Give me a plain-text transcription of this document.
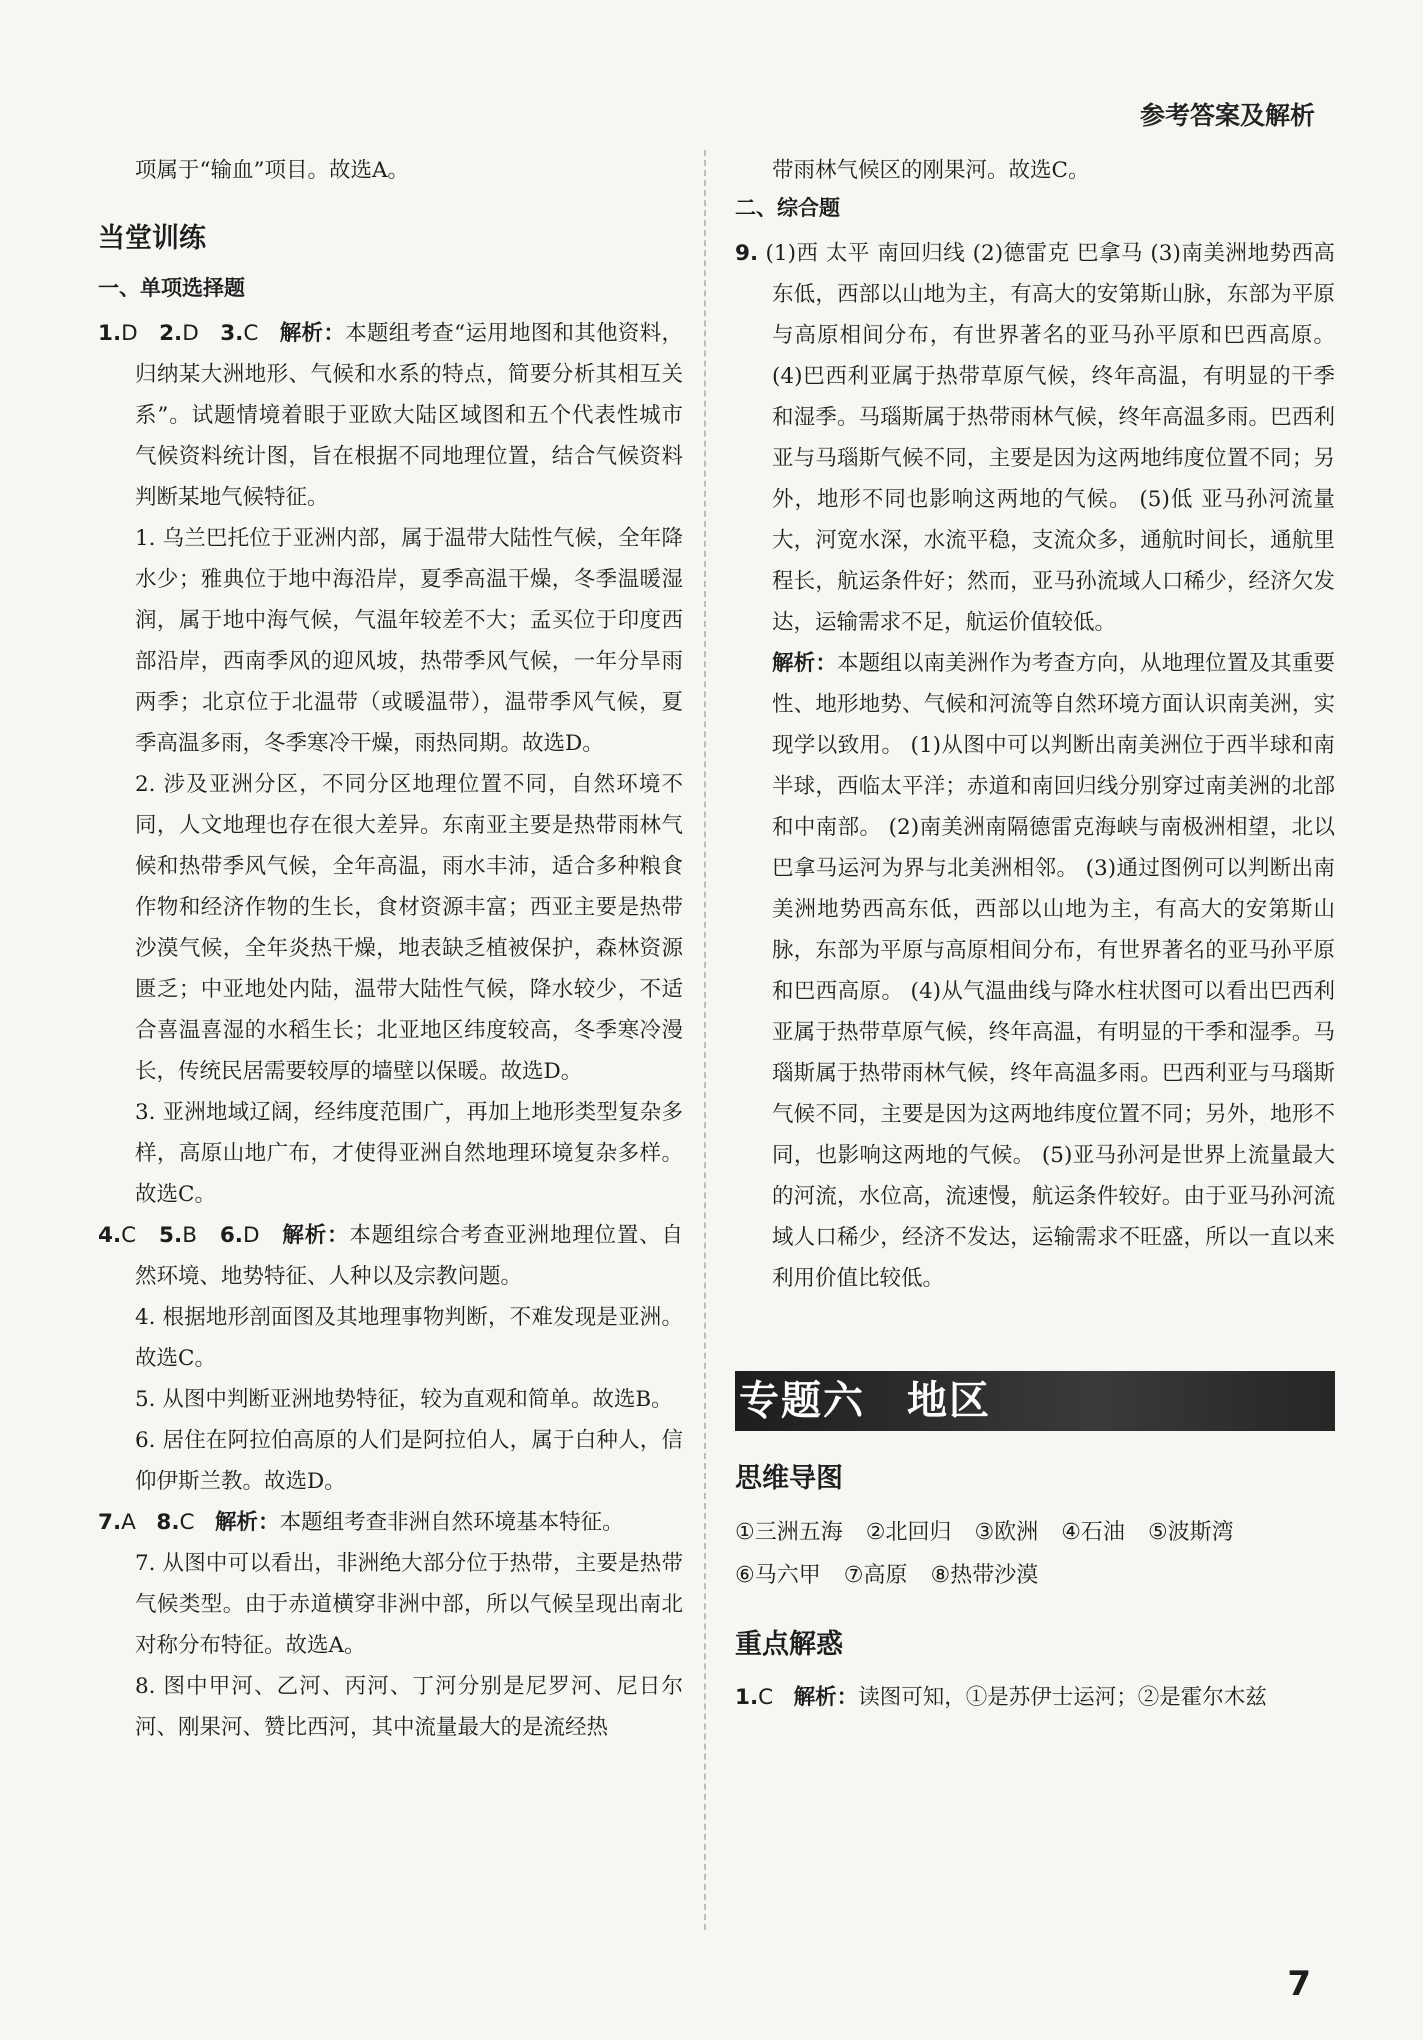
参考答案及解析

项属于“输血”项目。故选A。

当堂训练
一、单项选择题

1.D 2.D 3.C 解析：本题组考查“运用地图和其他资料，归纳某大洲地形、气候和水系的特点，简要分析其相互关系”。试题情境着眼于亚欧大陆区域图和五个代表性城市气候资料统计图，旨在根据不同地理位置，结合气候资料判断某地气候特征。

1. 乌兰巴托位于亚洲内部，属于温带大陆性气候，全年降水少；雅典位于地中海沿岸，夏季高温干燥，冬季温暖湿润，属于地中海气候，气温年较差不大；孟买位于印度西部沿岸，西南季风的迎风坡，热带季风气候，一年分旱雨两季；北京位于北温带（或暖温带），温带季风气候，夏季高温多雨，冬季寒冷干燥，雨热同期。故选D。

2. 涉及亚洲分区，不同分区地理位置不同，自然环境不同，人文地理也存在很大差异。东南亚主要是热带雨林气候和热带季风气候，全年高温，雨水丰沛，适合多种粮食作物和经济作物的生长，食材资源丰富；西亚主要是热带沙漠气候，全年炎热干燥，地表缺乏植被保护，森林资源匮乏；中亚地处内陆，温带大陆性气候，降水较少，不适合喜温喜湿的水稻生长；北亚地区纬度较高，冬季寒冷漫长，传统民居需要较厚的墙壁以保暖。故选D。

3. 亚洲地域辽阔，经纬度范围广，再加上地形类型复杂多样，高原山地广布，才使得亚洲自然地理环境复杂多样。故选C。

4.C 5.B 6.D 解析：本题组综合考查亚洲地理位置、自然环境、地势特征、人种以及宗教问题。

4. 根据地形剖面图及其地理事物判断，不难发现是亚洲。故选C。

5. 从图中判断亚洲地势特征，较为直观和简单。故选B。

6. 居住在阿拉伯高原的人们是阿拉伯人，属于白种人，信仰伊斯兰教。故选D。

7.A 8.C 解析：本题组考查非洲自然环境基本特征。

7. 从图中可以看出，非洲绝大部分位于热带，主要是热带气候类型。由于赤道横穿非洲中部，所以气候呈现出南北对称分布特征。故选A。

8. 图中甲河、乙河、丙河、丁河分别是尼罗河、尼日尔河、刚果河、赞比西河，其中流量最大的是流经热

带雨林气候区的刚果河。故选C。

二、综合题

9. (1)西 太平 南回归线 (2)德雷克 巴拿马 (3)南美洲地势西高东低，西部以山地为主，有高大的安第斯山脉，东部为平原与高原相间分布，有世界著名的亚马孙平原和巴西高原。 (4)巴西利亚属于热带草原气候，终年高温，有明显的干季和湿季。马瑙斯属于热带雨林气候，终年高温多雨。巴西利亚与马瑙斯气候不同，主要是因为这两地纬度位置不同；另外，地形不同也影响这两地的气候。 (5)低 亚马孙河流量大，河宽水深，水流平稳，支流众多，通航时间长，通航里程长，航运条件好；然而，亚马孙流域人口稀少，经济欠发达，运输需求不足，航运价值较低。

解析：本题组以南美洲作为考查方向，从地理位置及其重要性、地形地势、气候和河流等自然环境方面认识南美洲，实现学以致用。 (1)从图中可以判断出南美洲位于西半球和南半球，西临太平洋；赤道和南回归线分别穿过南美洲的北部和中南部。 (2)南美洲南隔德雷克海峡与南极洲相望，北以巴拿马运河为界与北美洲相邻。 (3)通过图例可以判断出南美洲地势西高东低，西部以山地为主，有高大的安第斯山脉，东部为平原与高原相间分布，有世界著名的亚马孙平原和巴西高原。 (4)从气温曲线与降水柱状图可以看出巴西利亚属于热带草原气候，终年高温，有明显的干季和湿季。马瑙斯属于热带雨林气候，终年高温多雨。巴西利亚与马瑙斯气候不同，主要是因为这两地纬度位置不同；另外，地形不同，也影响这两地的气候。 (5)亚马孙河是世界上流量最大的河流，水位高，流速慢，航运条件较好。由于亚马孙河流域人口稀少，经济不发达，运输需求不旺盛，所以一直以来利用价值比较低。

专题六　地区
思维导图
①三洲五海 ②北回归 ③欧洲 ④石油 ⑤波斯湾
⑥马六甲 ⑦高原 ⑧热带沙漠
重点解惑

1.C 解析：读图可知，①是苏伊士运河；②是霍尔木兹

7
